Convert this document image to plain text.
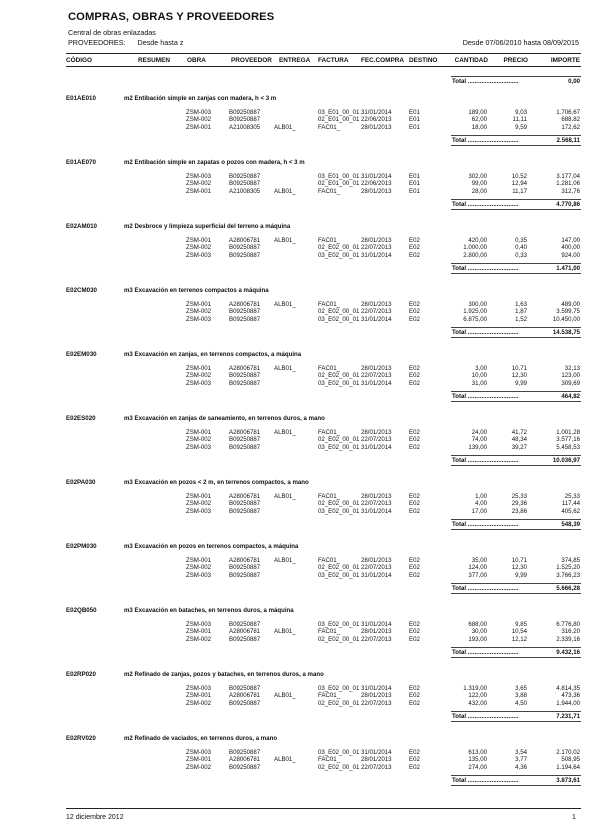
COMPRAS, OBRAS Y PROVEEDORES
Central de obras enlazadas
PROVEEDORES: Desde hasta z	Desde 07/06/2010 hasta 08/09/2015
CÓDIGO	RESUMEN	OBRA	PROVEEDOR ENTREGA FACTURA FEC.COMPRA DESTINO	CANTIDAD	PRECIO	IMPORTE
Total ..............................	0,00
E01AE010	m2 Entibación simple en zanjas con madera, h < 3 m
ZSM-003	B09250887	03_E01_00_01 31/01/2014	E01	189,00	9,03	1.706,67
ZSM-002	B09250887	02_E01_00_01 22/06/2013	E01	62,00	11,11	688,82
ZSM-001	A21008305 ALB01_	FAC01_	28/01/2013	E01	18,00	9,59	172,62
Total ..............................	2.568,11
E01AE070	m2 Entibación simple en zapatas o pozos con madera, h < 3 m
ZSM-003	B09250887	03_E01_00_01 31/01/2014	E01	302,00	10,52	3.177,04
ZSM-002	B09250887	02_E01_00_01 22/06/2013	E01	99,00	12,94	1.281,06
ZSM-001	A21008305 ALB01_	FAC01_	28/01/2013	E01	28,00	11,17	312,76
Total ..............................	4.770,86
E02AM010	m2 Desbroce y limpieza superficial del terreno a máquina
ZSM-001	A28006781 ALB01_	FAC01_	28/01/2013	E02	420,00	0,35	147,00
ZSM-002	B09250887	02_E02_00_01 22/07/2013	E02	1.000,00	0,40	400,00
ZSM-003	B09250887	03_E02_00_01 31/01/2014	E02	2.800,00	0,33	924,00
Total ..............................	1.471,00
E02CM030	m3 Excavación en terrenos compactos a máquina
ZSM-001	A28006781 ALB01_	FAC01_	28/01/2013	E02	300,00	1,63	489,00
ZSM-002	B09250887	02_E02_00_01 22/07/2013	E02	1.925,00	1,87	3.599,75
ZSM-003	B09250887	03_E02_00_01 31/01/2014	E02	6.875,00	1,52	10.450,00
Total ..............................	14.538,75
E02EM030	m3 Excavación en zanjas, en terrenos compactos, a máquina
ZSM-001	A28006781 ALB01_	FAC01_	28/01/2013	E02	3,00	10,71	32,13
ZSM-002	B09250887	02_E02_00_01 22/07/2013	E02	10,00	12,30	123,00
ZSM-003	B09250887	03_E02_00_01 31/01/2014	E02	31,00	9,99	309,69
Total ..............................	464,82
E02ES020	m3 Excavación en zanjas de saneamiento, en terrenos duros, a mano
ZSM-001	A28006781 ALB01_	FAC01_	28/01/2013	E02	24,00	41,72	1.001,28
ZSM-002	B09250887	02_E02_00_01 22/07/2013	E02	74,00	48,34	3.577,16
ZSM-003	B09250887	03_E02_00_01 31/01/2014	E02	139,00	39,27	5.458,53
Total ..............................	10.036,97
E02PA030	m3 Excavación en pozos < 2 m, en terrenos compactos, a mano
ZSM-001	A28006781 ALB01_	FAC01_	28/01/2013	E02	1,00	25,33	25,33
ZSM-002	B09250887	02_E02_00_01 22/07/2013	E02	4,00	29,36	117,44
ZSM-003	B09250887	03_E02_00_01 31/01/2014	E02	17,00	23,86	405,62
Total ..............................	548,39
E02PM030	m3 Excavación en pozos en terrenos compactos, a máquina
ZSM-001	A28006781 ALB01_	FAC01_	28/01/2013	E02	35,00	10,71	374,85
ZSM-002	B09250887	02_E02_00_01 22/07/2013	E02	124,00	12,30	1.525,20
ZSM-003	B09250887	03_E02_00_01 31/01/2014	E02	377,00	9,99	3.766,23
Total ..............................	5.666,28
E02QB050	m3 Excavación en bataches, en terrenos duros, a máquina
ZSM-003	B09250887	03_E02_00_01 31/01/2014	E02	688,00	9,85	6.776,80
ZSM-001	A28006781 ALB01_	FAC01_	28/01/2013	E02	30,00	10,54	316,20
ZSM-002	B09250887	02_E02_00_01 22/07/2013	E02	193,00	12,12	2.339,16
Total ..............................	9.432,16
E02RP020	m2 Refinado de zanjas, pozos y bataches, en terrenos duros, a mano
ZSM-003	B09250887	03_E02_00_01 31/01/2014	E02	1.319,00	3,65	4.814,35
ZSM-001	A28006781 ALB01_	FAC01_	28/01/2013	E02	122,00	3,88	473,36
ZSM-002	B09250887	02_E02_00_01 22/07/2013	E02	432,00	4,50	1.944,00
Total ..............................	7.231,71
E02RV020	m2 Refinado de vaciados, en terrenos duros, a mano
ZSM-003	B09250887	03_E02_00_01 31/01/2014	E02	613,00	3,54	2.170,02
ZSM-001	A28006781 ALB01_	FAC01_	28/01/2013	E02	135,00	3,77	508,95
ZSM-002	B09250887	02_E02_00_01 22/07/2013	E02	274,00	4,36	1.194,64
Total ..............................	3.873,61
12 diciembre 2012	1
